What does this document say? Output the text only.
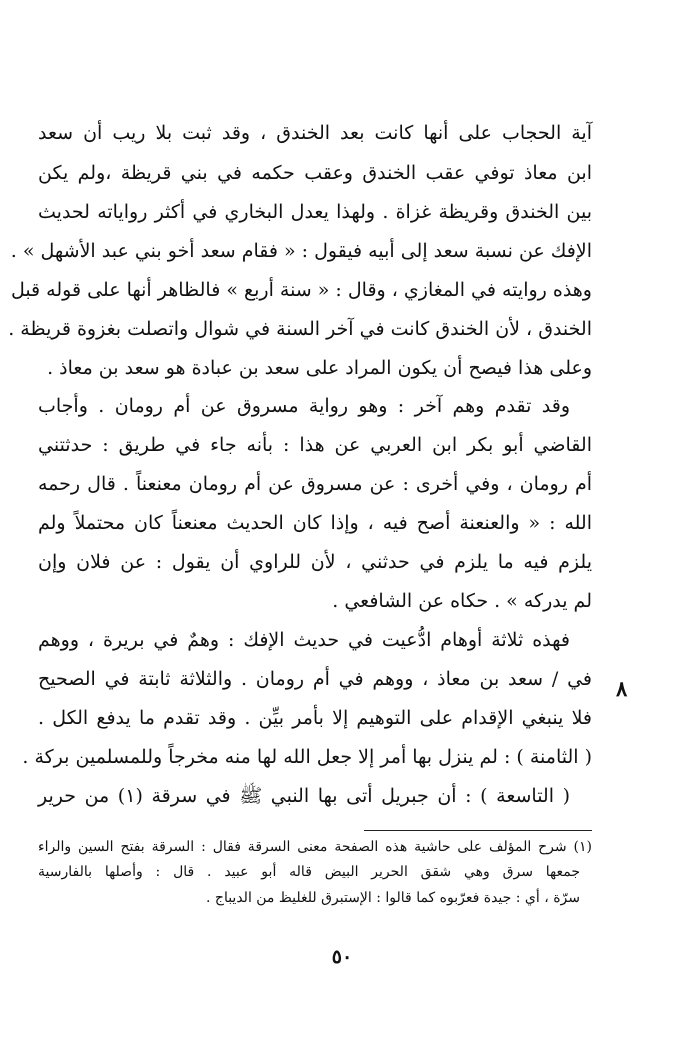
آية الحجاب على أنها كانت بعد الخندق ، وقد ثبت بلا ريب أن سعد
ابن معاذ توفي عقب الخندق وعقب حكمه في بني قريظة ،ولم يكن
بين الخندق وقريظة غزاة . ولهذا يعدل البخاري في أكثر رواياته لحديث
الإفك عن نسبة سعد إلى أبيه فيقول : « فقام سعد أخو بني عبد الأشهل » .
وهذه روايته في المغازي ، وقال : « سنة أربع » فالظاهر أنها على قوله قبل
الخندق ، لأن الخندق كانت في آخر السنة في شوال واتصلت بغزوة قريظة .
وعلى هذا فيصح أن يكون المراد على سعد بن عبادة هو سعد بن معاذ .
وقد تقدم وهم آخر : وهو رواية مسروق عن أم رومان . وأجاب
القاضي أبو بكر ابن العربي عن هذا : بأنه جاء في طريق : حدثتني
أم رومان ، وفي أخرى : عن مسروق عن أم رومان معنعناً . قال رحمه
الله : « والعنعنة أصح فيه ، وإذا كان الحديث معنعناً كان محتملاً ولم
يلزم فيه ما يلزم في حدثني ، لأن للراوي أن يقول : عن فلان وإن
لم يدركه » . حكاه عن الشافعي .
فهذه ثلاثة أوهام ادُّعيت في حديث الإفك : وهمٌ في بريرة ، ووهم
في / سعد بن معاذ ، ووهم في أم رومان . والثلاثة ثابتة في الصحيح
فلا ينبغي الإقدام على التوهيم إلا بأمر بيِّن . وقد تقدم ما يدفع الكل .
( الثامنة ) : لم ينزل بها أمر إلا جعل الله لها منه مخرجاً وللمسلمين بركة .
( التاسعة ) : أن جبريل أتى بها النبي ﷺ في سرقة (١) من حرير
٨
(١) شرح المؤلف على حاشية هذه الصفحة معنى السرقة فقال : السرقة بفتح السين والراء
جمعها سرق وهي شقق الحرير البيض قاله أبو عبيد . قال : وأصلها بالفارسية
سرّة ، أي : جيدة فعرّبوه كما قالوا : الإستبرق للغليظ من الديباج .
٥٠
